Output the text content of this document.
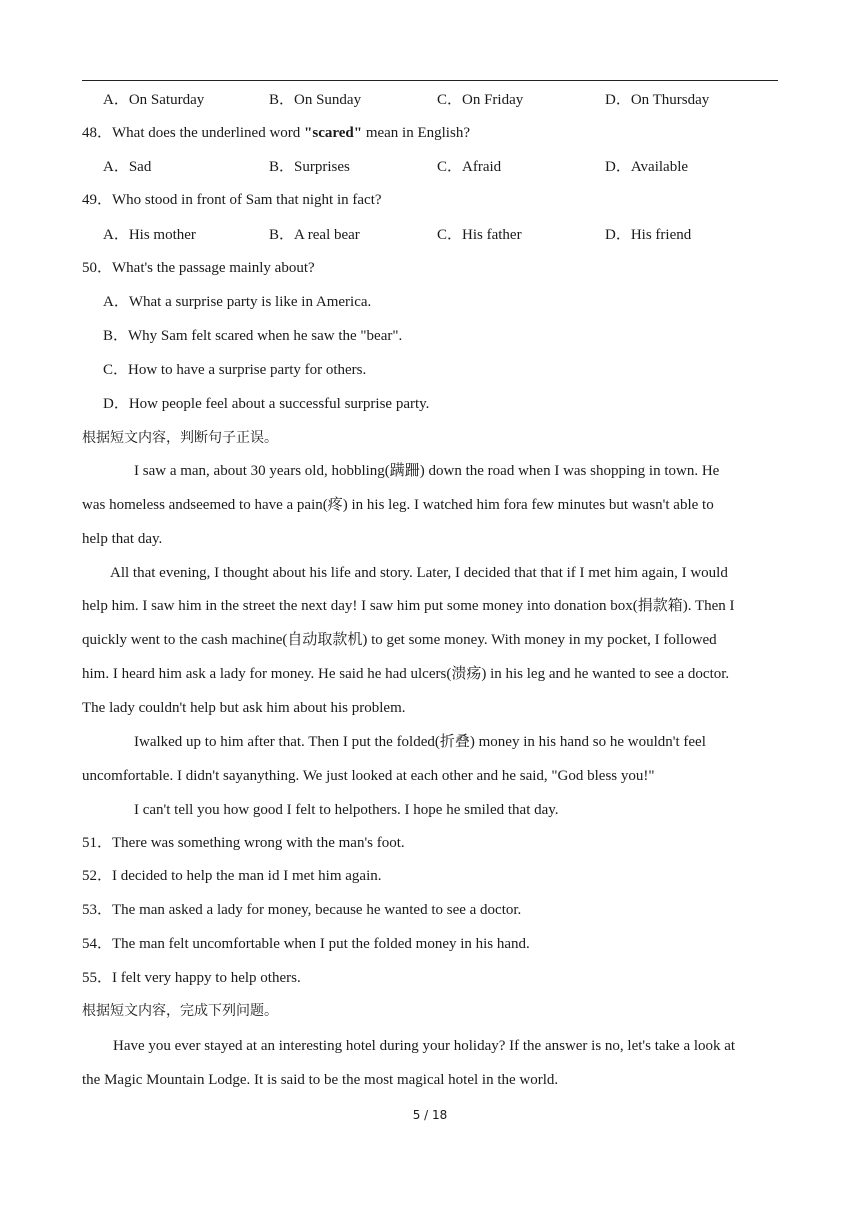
A．On Saturday	B．On Sunday	C．On Friday	D．On Thursday
48．What does the underlined word "scared" mean in English?
A．Sad	B．Surprises	C．Afraid	D．Available
49．Who stood in front of Sam that night in fact?
A．His mother	B．A real bear	C．His father	D．His friend
50．What's the passage mainly about?
A．What a surprise party is like in America.
B．Why Sam felt scared when he saw the "bear".
C．How to have a surprise party for others.
D．How people feel about a successful surprise party.
根据短文内容，判断句子正误。
I saw a man, about 30 years old, hobbling(蹒跚) down the road when I was shopping in town. He
was homeless andseemed to have a pain(疼) in his leg. I watched him fora few minutes but wasn't able to
help that day.
All that evening, I thought about his life and story. Later, I decided that that if I met him again, I would
help him. I saw him in the street the next day! I saw him put some money into donation box(捐款箱). Then I
quickly went to the cash machine(自动取款机) to get some money. With money in my pocket, I followed
him. I heard him ask a lady for money. He said he had ulcers(溃疡) in his leg and he wanted to see a doctor.
The lady couldn't help but ask him about his problem.
Iwalked up to him after that. Then I put the folded(折叠) money in his hand so he wouldn't feel
uncomfortable. I didn't sayanything. We just looked at each other and he said, "God bless you!"
I can't tell you how good I felt to helpothers. I hope he smiled that day.
51．There was something wrong with the man's foot.
52．I decided to help the man id I met him again.
53．The man asked a lady for money, because he wanted to see a doctor.
54．The man felt uncomfortable when I put the folded money in his hand.
55．I felt very happy to help others.
根据短文内容，完成下列问题。
Have you ever stayed at an interesting hotel during your holiday? If the answer is no, let's take a look at
the Magic Mountain Lodge. It is said to be the most magical hotel in the world.
5 / 18
